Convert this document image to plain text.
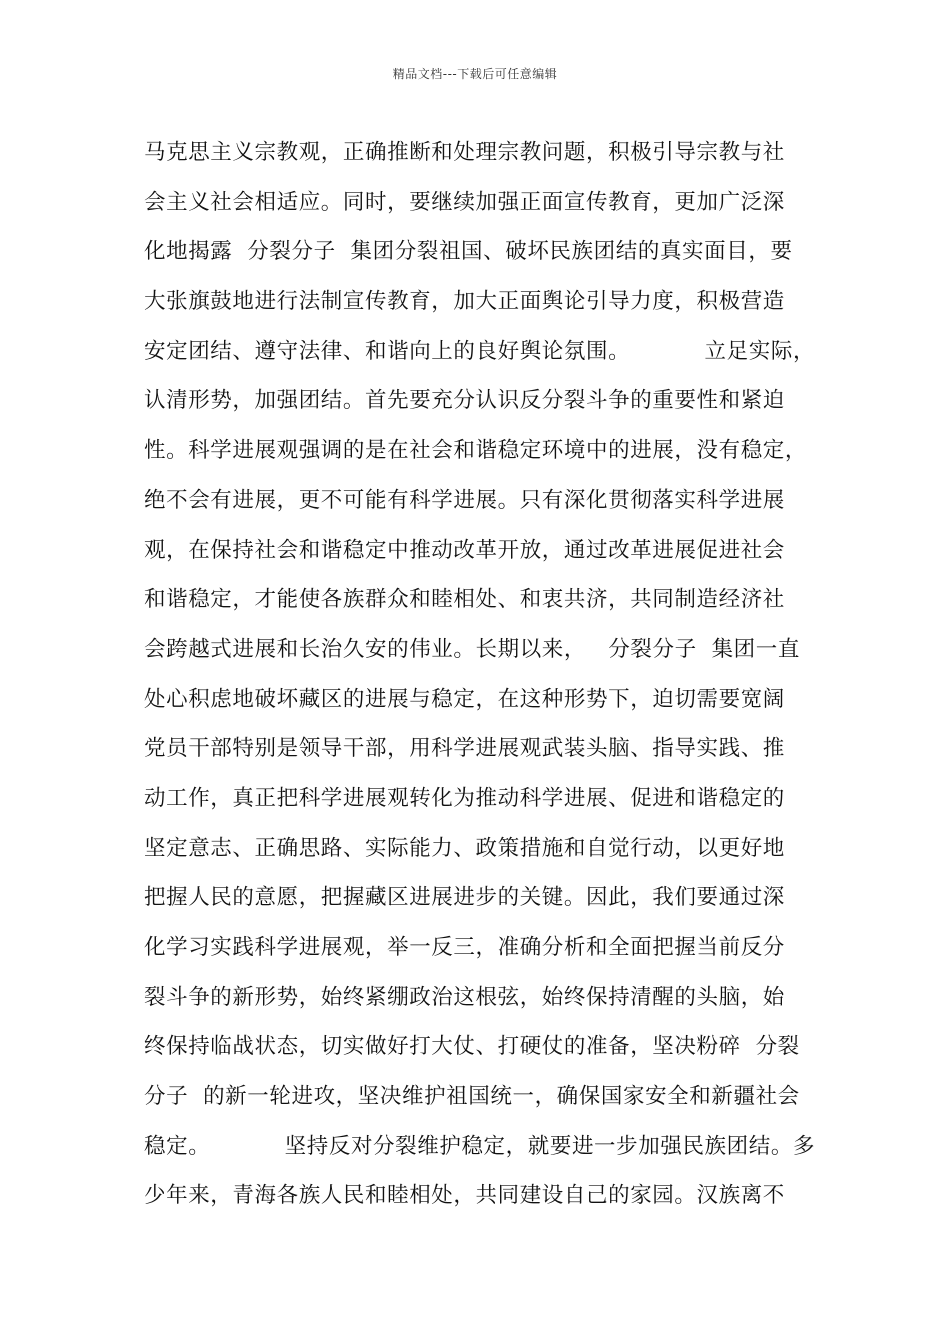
精品文档---下载后可任意编辑
马克思主义宗教观，正确推断和处理宗教问题，积极引导宗教与社
会主义社会相适应。同时，要继续加强正面宣传教育，更加广泛深
化地揭露  分裂分子  集团分裂祖国、破坏民族团结的真实面目，要
大张旗鼓地进行法制宣传教育，加大正面舆论引导力度，积极营造
安定团结、遵守法律、和谐向上的良好舆论氛围。          立足实际，
认清形势，加强团结。首先要充分认识反分裂斗争的重要性和紧迫
性。科学进展观强调的是在社会和谐稳定环境中的进展，没有稳定，
绝不会有进展，更不可能有科学进展。只有深化贯彻落实科学进展
观，在保持社会和谐稳定中推动改革开放，通过改革进展促进社会
和谐稳定，才能使各族群众和睦相处、和衷共济，共同制造经济社
会跨越式进展和长治久安的伟业。长期以来，   分裂分子  集团一直
处心积虑地破坏藏区的进展与稳定，在这种形势下，迫切需要宽阔
党员干部特别是领导干部，用科学进展观武装头脑、指导实践、推
动工作，真正把科学进展观转化为推动科学进展、促进和谐稳定的
坚定意志、正确思路、实际能力、政策措施和自觉行动，以更好地
把握人民的意愿，把握藏区进展进步的关键。因此，我们要通过深
化学习实践科学进展观，举一反三，准确分析和全面把握当前反分
裂斗争的新形势，始终紧绷政治这根弦，始终保持清醒的头脑，始
终保持临战状态，切实做好打大仗、打硬仗的准备，坚决粉碎  分裂
分子  的新一轮进攻，坚决维护祖国统一，确保国家安全和新疆社会
稳定。          坚持反对分裂维护稳定，就要进一步加强民族团结。多
少年来，青海各族人民和睦相处，共同建设自己的家园。汉族离不
